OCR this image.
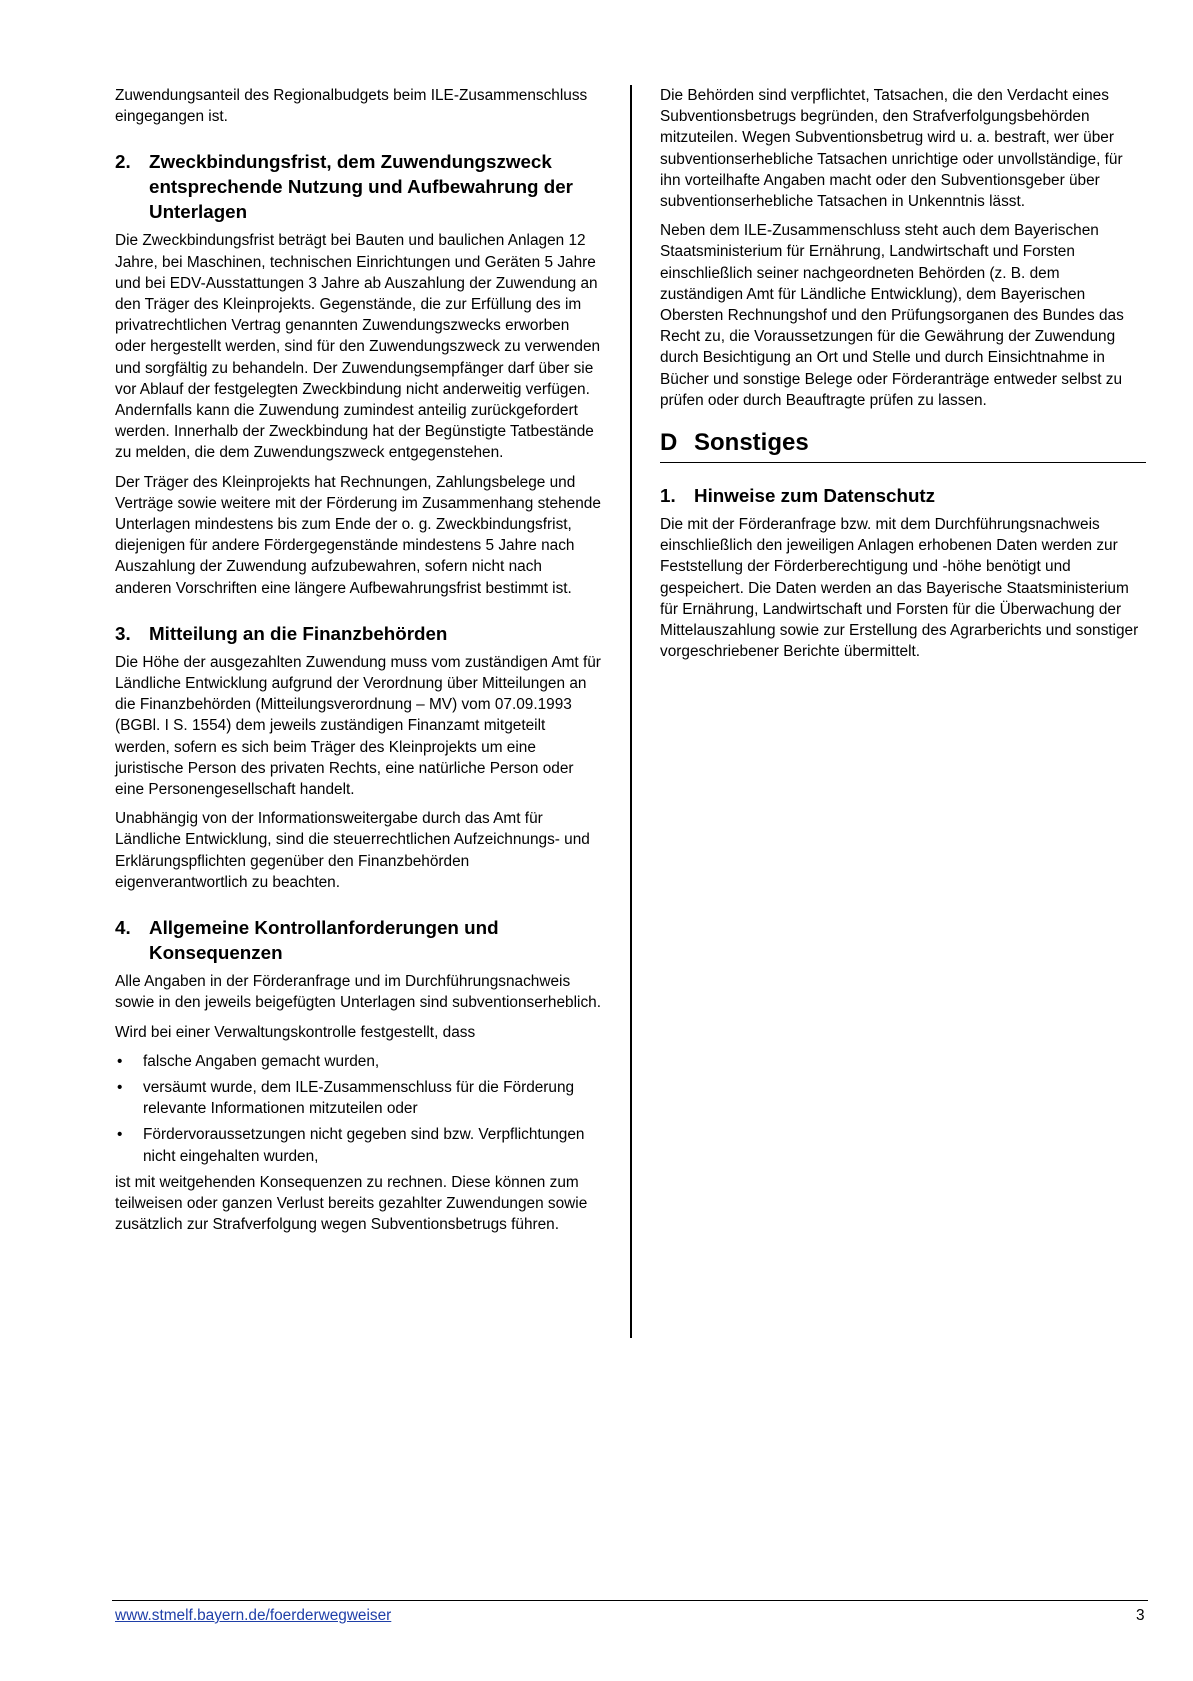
Zuwendungsanteil des Regionalbudgets beim ILE-Zusammenschluss eingegangen ist.

2. Zweckbindungsfrist, dem Zuwendungszweck entsprechende Nutzung und Aufbewahrung der Unterlagen

Die Zweckbindungsfrist beträgt bei Bauten und baulichen Anlagen 12 Jahre, bei Maschinen, technischen Einrichtungen und Geräten 5 Jahre und bei EDV-Ausstattungen 3 Jahre ab Auszahlung der Zuwendung an den Träger des Kleinprojekts. Gegenstände, die zur Erfüllung des im privatrechtlichen Vertrag genannten Zuwendungszwecks erworben oder hergestellt werden, sind für den Zuwendungszweck zu verwenden und sorgfältig zu behandeln. Der Zuwendungsempfänger darf über sie vor Ablauf der festgelegten Zweckbindung nicht anderweitig verfügen. Andernfalls kann die Zuwendung zumindest anteilig zurückgefordert werden. Innerhalb der Zweckbindung hat der Begünstigte Tatbestände zu melden, die dem Zuwendungszweck entgegenstehen.

Der Träger des Kleinprojekts hat Rechnungen, Zahlungsbelege und Verträge sowie weitere mit der Förderung im Zusammenhang stehende Unterlagen mindestens bis zum Ende der o. g. Zweckbindungsfrist, diejenigen für andere Fördergegenstände mindestens 5 Jahre nach Auszahlung der Zuwendung aufzubewahren, sofern nicht nach anderen Vorschriften eine längere Aufbewahrungsfrist bestimmt ist.

3. Mitteilung an die Finanzbehörden

Die Höhe der ausgezahlten Zuwendung muss vom zuständigen Amt für Ländliche Entwicklung aufgrund der Verordnung über Mitteilungen an die Finanzbehörden (Mitteilungsverordnung – MV) vom 07.09.1993 (BGBl. I S. 1554) dem jeweils zuständigen Finanzamt mitgeteilt werden, sofern es sich beim Träger des Kleinprojekts um eine juristische Person des privaten Rechts, eine natürliche Person oder eine Personengesellschaft handelt.

Unabhängig von der Informationsweitergabe durch das Amt für Ländliche Entwicklung, sind die steuerrechtlichen Aufzeichnungs- und Erklärungspflichten gegenüber den Finanzbehörden eigenverantwortlich zu beachten.

4. Allgemeine Kontrollanforderungen und Konsequenzen

Alle Angaben in der Förderanfrage und im Durchführungsnachweis sowie in den jeweils beigefügten Unterlagen sind subventionserheblich.

Wird bei einer Verwaltungskontrolle festgestellt, dass

• falsche Angaben gemacht wurden,
• versäumt wurde, dem ILE-Zusammenschluss für die Förderung relevante Informationen mitzuteilen oder
• Fördervoraussetzungen nicht gegeben sind bzw. Verpflichtungen nicht eingehalten wurden,

ist mit weitgehenden Konsequenzen zu rechnen. Diese können zum teilweisen oder ganzen Verlust bereits gezahlter Zuwendungen sowie zusätzlich zur Strafverfolgung wegen Subventionsbetrugs führen.

Die Behörden sind verpflichtet, Tatsachen, die den Verdacht eines Subventionsbetrugs begründen, den Strafverfolgungsbehörden mitzuteilen. Wegen Subventionsbetrug wird u. a. bestraft, wer über subventionserhebliche Tatsachen unrichtige oder unvollständige, für ihn vorteilhafte Angaben macht oder den Subventionsgeber über subventionserhebliche Tatsachen in Unkenntnis lässt.

Neben dem ILE-Zusammenschluss steht auch dem Bayerischen Staatsministerium für Ernährung, Landwirtschaft und Forsten einschließlich seiner nachgeordneten Behörden (z. B. dem zuständigen Amt für Ländliche Entwicklung), dem Bayerischen Obersten Rechnungshof und den Prüfungsorganen des Bundes das Recht zu, die Voraussetzungen für die Gewährung der Zuwendung durch Besichtigung an Ort und Stelle und durch Einsichtnahme in Bücher und sonstige Belege oder Förderanträge entweder selbst zu prüfen oder durch Beauftragte prüfen zu lassen.

D Sonstiges
1. Hinweise zum Datenschutz

Die mit der Förderanfrage bzw. mit dem Durchführungsnachweis einschließlich den jeweiligen Anlagen erhobenen Daten werden zur Feststellung der Förderberechtigung und -höhe benötigt und gespeichert. Die Daten werden an das Bayerische Staatsministerium für Ernährung, Landwirtschaft und Forsten für die Überwachung der Mittelauszahlung sowie zur Erstellung des Agrarberichts und sonstiger vorgeschriebener Berichte übermittelt.

www.stmelf.bayern.de/foerderwegweiser	3
